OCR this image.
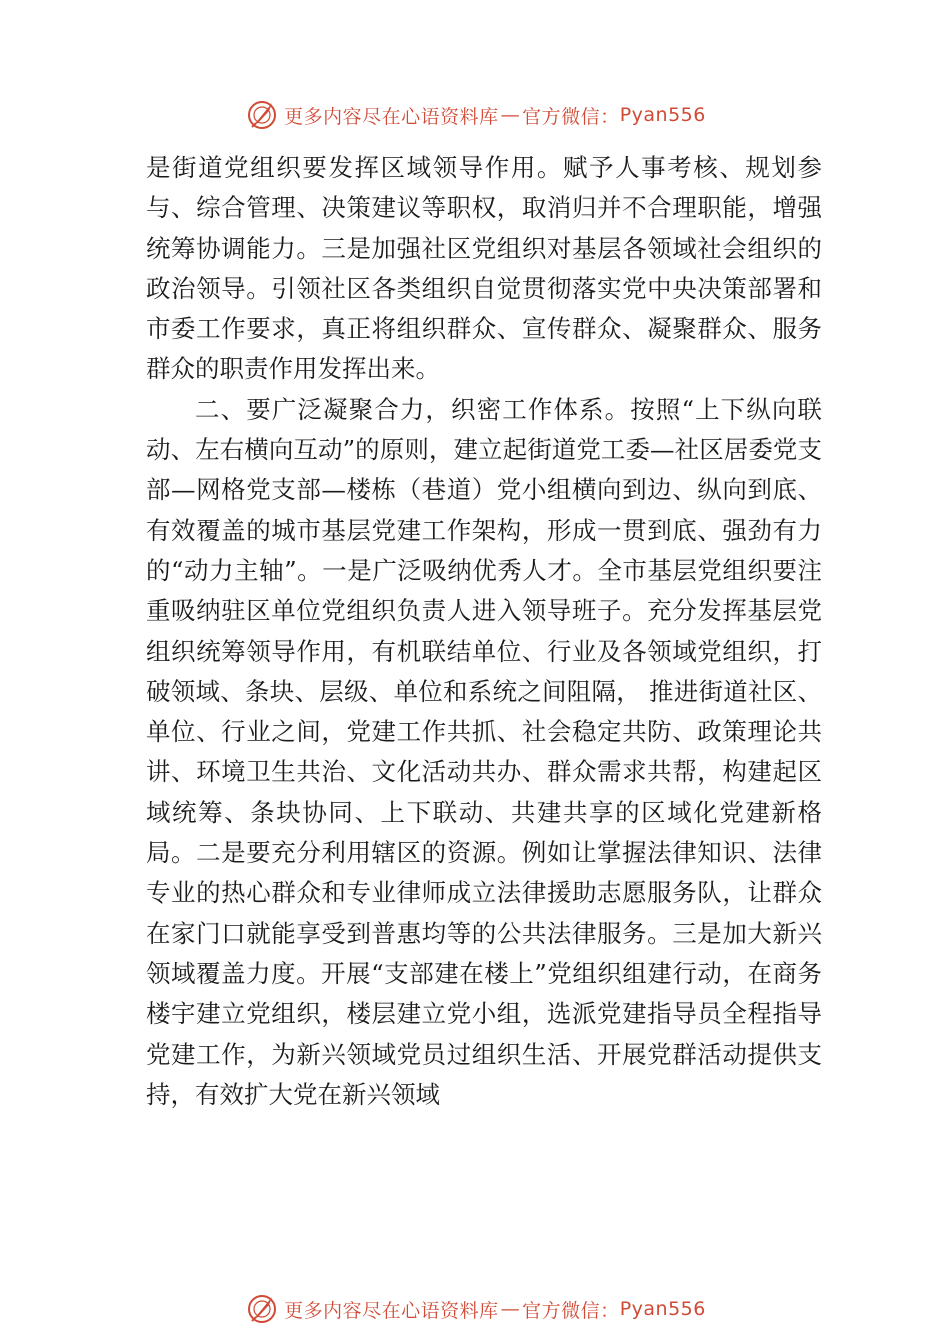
更多内容尽在心语资料库 — 官方微信： Pyan556

是街道党组织要发挥区域领导作用。赋予人事考核、规划参与、综合管理、决策建议等职权，取消归并不合理职能，增强统筹协调能力。三是加强社区党组织对基层各领域社会组织的政治领导。引领社区各类组织自觉贯彻落实党中央决策部署和市委工作要求，真正将组织群众、宣传群众、凝聚群众、服务群众的职责作用发挥出来。

二、要广泛凝聚合力，织密工作体系。按照“上下纵向联动、左右横向互动”的原则，建立起街道党工委—社区居委党支部—网格党支部—楼栋（巷道）党小组横向到边、纵向到底、有效覆盖的城市基层党建工作架构，形成一贯到底、强劲有力的“动力主轴”。一是广泛吸纳优秀人才。全市基层党组织要注重吸纳驻区单位党组织负责人进入领导班子。充分发挥基层党组织统筹领导作用，有机联结单位、行业及各领域党组织，打破领域、条块、层级、单位和系统之间阻隔， 推进街道社区、单位、行业之间，党建工作共抓、社会稳定共防、政策理论共讲、环境卫生共治、文化活动共办、群众需求共帮，构建起区域统筹、条块协同、上下联动、共建共享的区域化党建新格局。二是要充分利用辖区的资源。例如让掌握法律知识、法律专业的热心群众和专业律师成立法律援助志愿服务队，让群众在家门口就能享受到普惠均等的公共法律服务。三是加大新兴领域覆盖力度。开展“支部建在楼上”党组织组建行动，在商务楼宇建立党组织，楼层建立党小组，选派党建指导员全程指导党建工作，为新兴领域党员过组织生活、开展党群活动提供支持，有效扩大党在新兴领域

更多内容尽在心语资料库 — 官方微信： Pyan556
